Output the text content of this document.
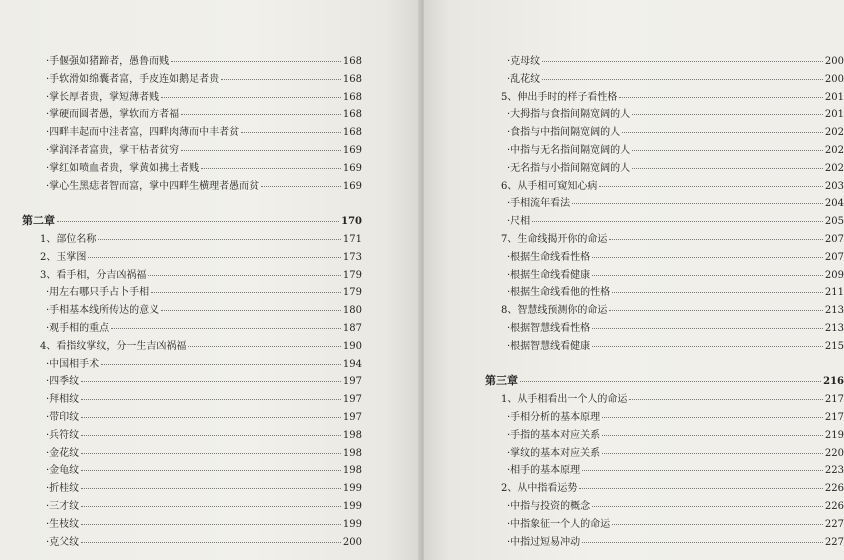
·手偃强如猪蹄者，愚鲁而贱	168
·手软滑如绵囊者富，手皮连如鹅足者贵	168
·掌长厚者贵，掌短薄者贱	168
·掌硬而圆者愚，掌软而方者福	168
·四畔丰起而中洼者富，四畔肉薄而中丰者贫	168
·掌润泽者富贵，掌干枯者贫穷	169
·掌红如喷血者贵，掌黄如拂土者贱	169
·掌心生黑痣者智而富，掌中四畔生横理者愚而贫	169
第二章	170
1、部位名称	171
2、玉掌图	173
3、看手相，分吉凶祸福	179
·用左右哪只手占卜手相	179
·手相基本线所传达的意义	180
·观手相的重点	187
4、看指纹掌纹，分一生吉凶祸福	190
·中国相手术	194
·四季纹	197
·拜相纹	197
·带印纹	197
·兵符纹	198
·金花纹	198
·金龟纹	198
·折桂纹	199
·三才纹	199
·生枝纹	199
·克父纹	200
·克母纹	200
·乱花纹	200
5、伸出手时的样子看性格	201
·大拇指与食指间隔宽阔的人	201
·食指与中指间隔宽阔的人	202
·中指与无名指间隔宽阔的人	202
·无名指与小指间隔宽阔的人	202
6、从手相可窥知心病	203
·手相流年看法	204
·尺相	205
7、生命线揭开你的命运	207
·根据生命线看性格	207
·根据生命线看健康	209
·根据生命线看他的性格	211
8、智慧线预测你的命运	213
·根据智慧线看性格	213
·根据智慧线看健康	215
第三章	216
1、从手相看出一个人的命运	217
·手相分析的基本原理	217
·手指的基本对应关系	219
·掌纹的基本对应关系	220
·相手的基本原理	223
2、从中指看运势	226
·中指与投资的概念	226
·中指象征一个人的命运	227
·中指过短易冲动	227
